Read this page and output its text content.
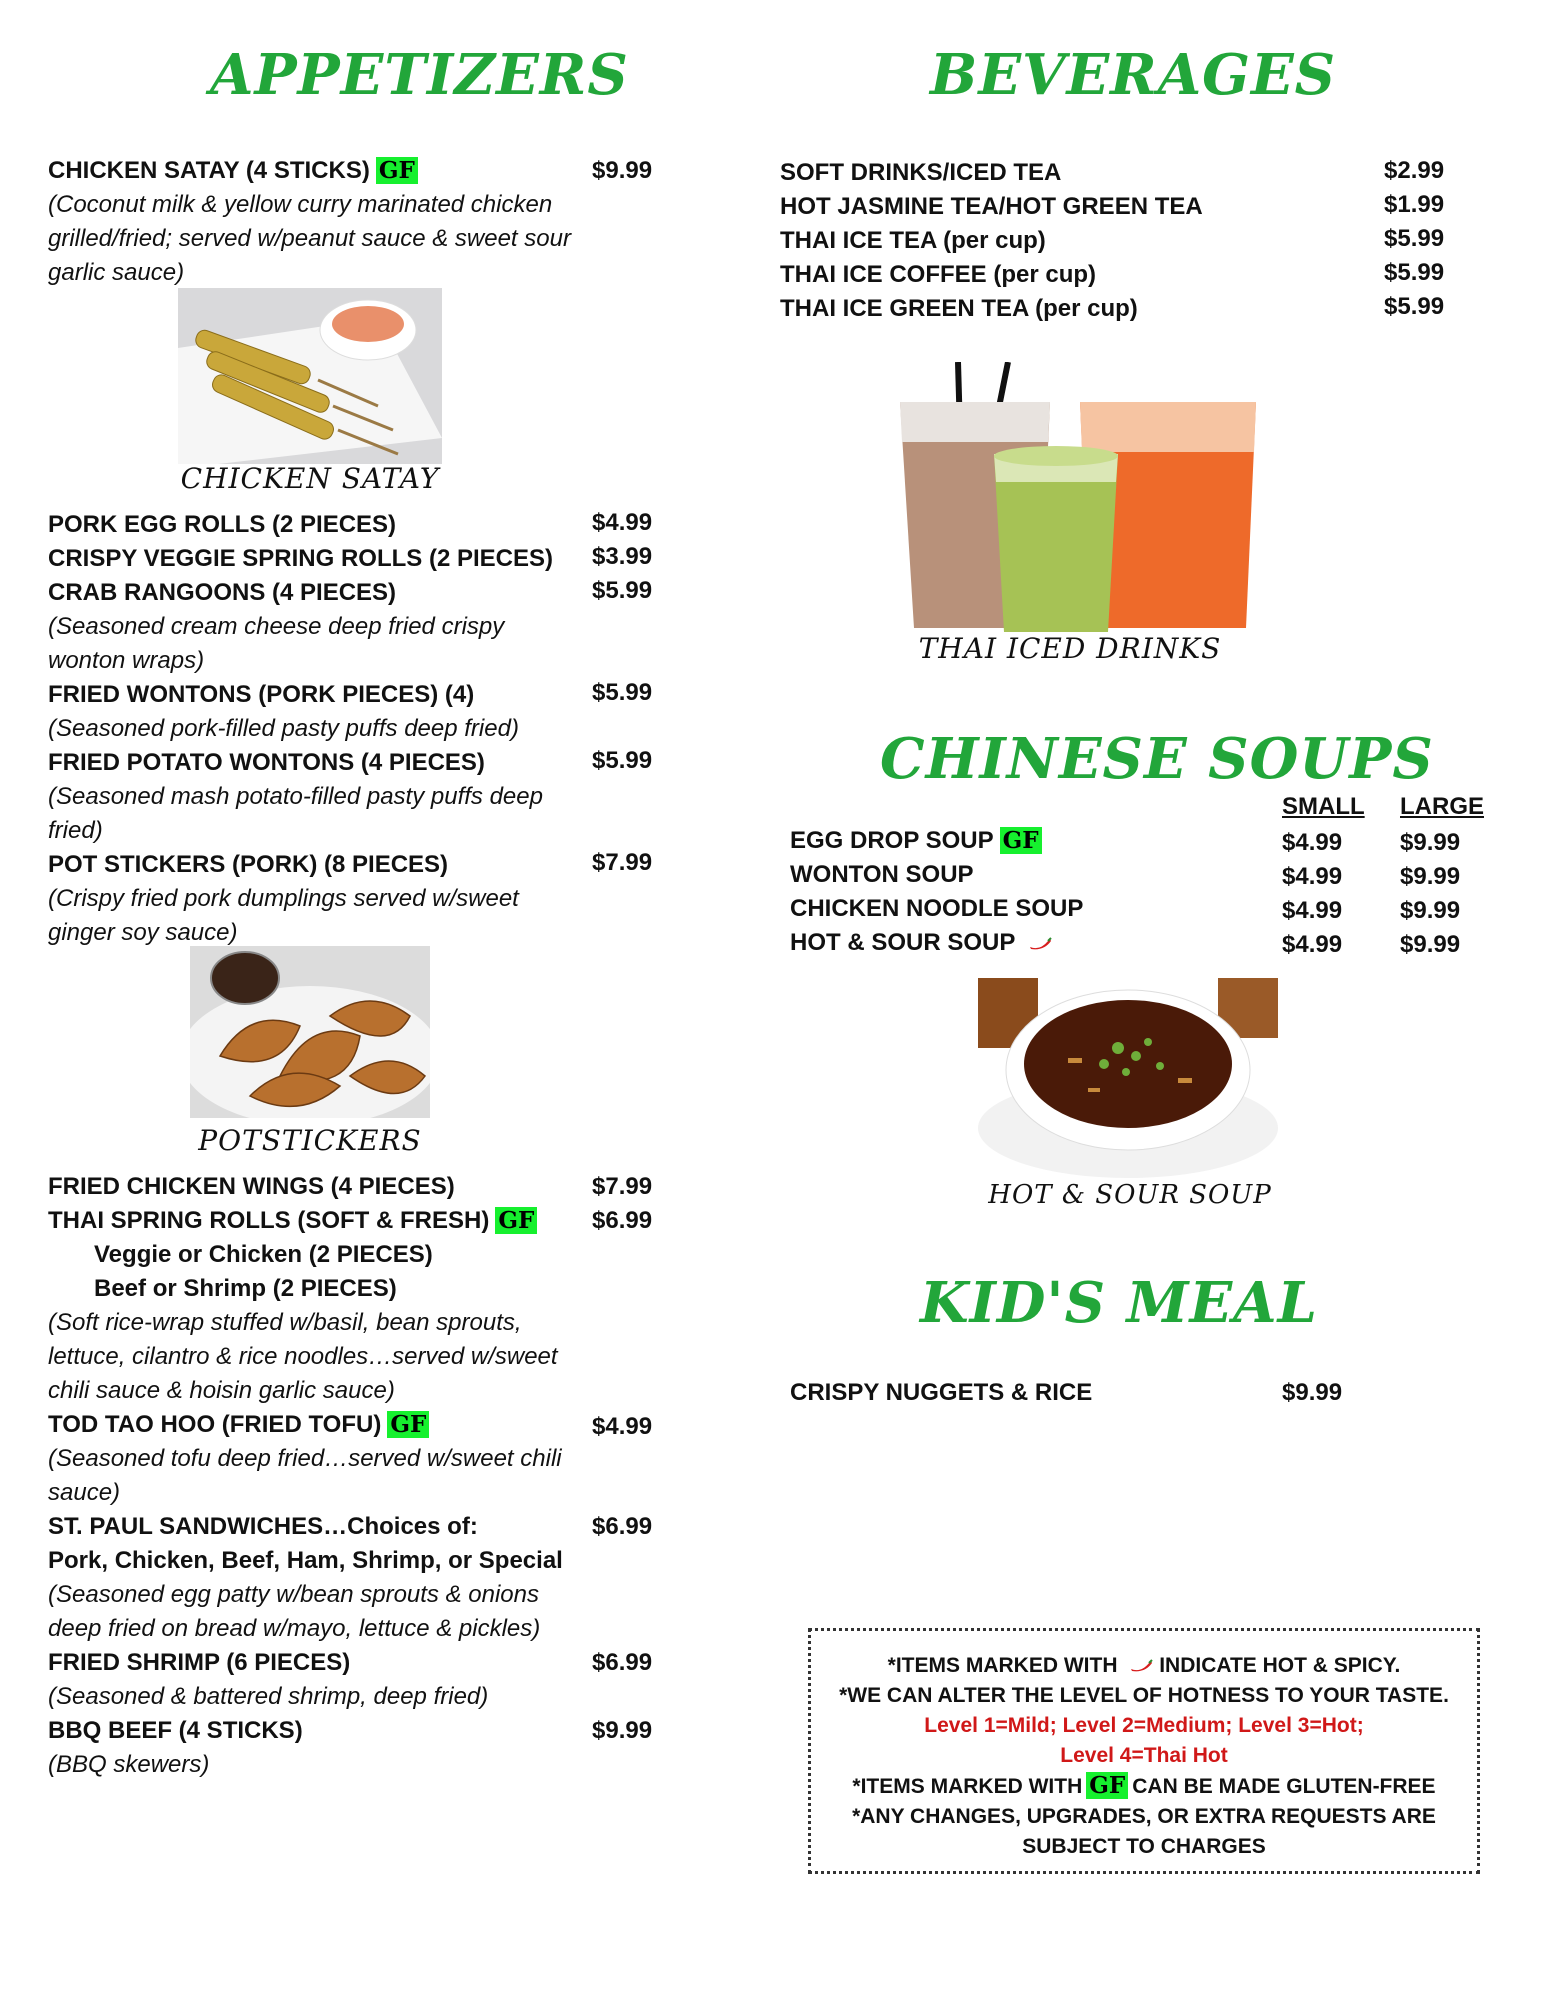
APPETIZERS	BEVERAGES
CHINESE SOUPS
KID'S MEAL
CHICKEN SATAY (4 STICKS) GF	$9.99
(Coconut milk & yellow curry marinated chicken grilled/fried; served w/peanut sauce & sweet sour garlic sauce)
CHICKEN SATAY
PORK EGG ROLLS (2 PIECES)	$4.99
CRISPY VEGGIE SPRING ROLLS (2 PIECES) $3.99
CRAB RANGOONS (4 PIECES)	$5.99
(Seasoned cream cheese deep fried crispy wonton wraps)
FRIED WONTONS (PORK PIECES) (4)	$5.99
(Seasoned pork-filled pasty puffs deep fried)
FRIED POTATO WONTONS (4 PIECES)	$5.99
(Seasoned mash potato-filled pasty puffs deep fried)
POT STICKERS (PORK) (8 PIECES)	$7.99
(Crispy fried pork dumplings served w/sweet ginger soy sauce)
POTSTICKERS
FRIED CHICKEN WINGS (4 PIECES)	$7.99
THAI SPRING ROLLS (SOFT & FRESH) GF $6.99
Veggie or Chicken (2 PIECES)
Beef or Shrimp (2 PIECES)
(Soft rice-wrap stuffed w/basil, bean sprouts, lettuce, cilantro & rice noodles…served w/sweet chili sauce & hoisin garlic sauce)
TOD TAO HOO (FRIED TOFU) GF	$4.99
(Seasoned tofu deep fried…served w/sweet chili sauce)
ST. PAUL SANDWICHES…Choices of:	$6.99
Pork, Chicken, Beef, Ham, Shrimp, or Special
(Seasoned egg patty w/bean sprouts & onions deep fried on bread w/mayo, lettuce & pickles)
FRIED SHRIMP (6 PIECES)	$6.99
(Seasoned & battered shrimp, deep fried)
BBQ BEEF (4 STICKS)	$9.99
(BBQ skewers)
SOFT DRINKS/ICED TEA	$2.99
HOT JASMINE TEA/HOT GREEN TEA	$1.99
THAI ICE TEA (per cup)	$5.99
THAI ICE COFFEE (per cup)	$5.99
THAI ICE GREEN TEA (per cup)	$5.99
THAI ICED DRINKS
SMALL LARGE
EGG DROP SOUP GF	$4.99 $9.99
WONTON SOUP	$4.99 $9.99
CHICKEN NOODLE SOUP	$4.99 $9.99
HOT & SOUR SOUP	$4.99 $9.99
HOT & SOUR SOUP
CRISPY NUGGETS & RICE	$9.99
*ITEMS MARKED WITH INDICATE HOT & SPICY.
*WE CAN ALTER THE LEVEL OF HOTNESS TO YOUR TASTE.
Level 1=Mild; Level 2=Medium; Level 3=Hot;
Level 4=Thai Hot
*ITEMS MARKED WITH GF CAN BE MADE GLUTEN-FREE
*ANY CHANGES, UPGRADES, OR EXTRA REQUESTS ARE
SUBJECT TO CHARGES
